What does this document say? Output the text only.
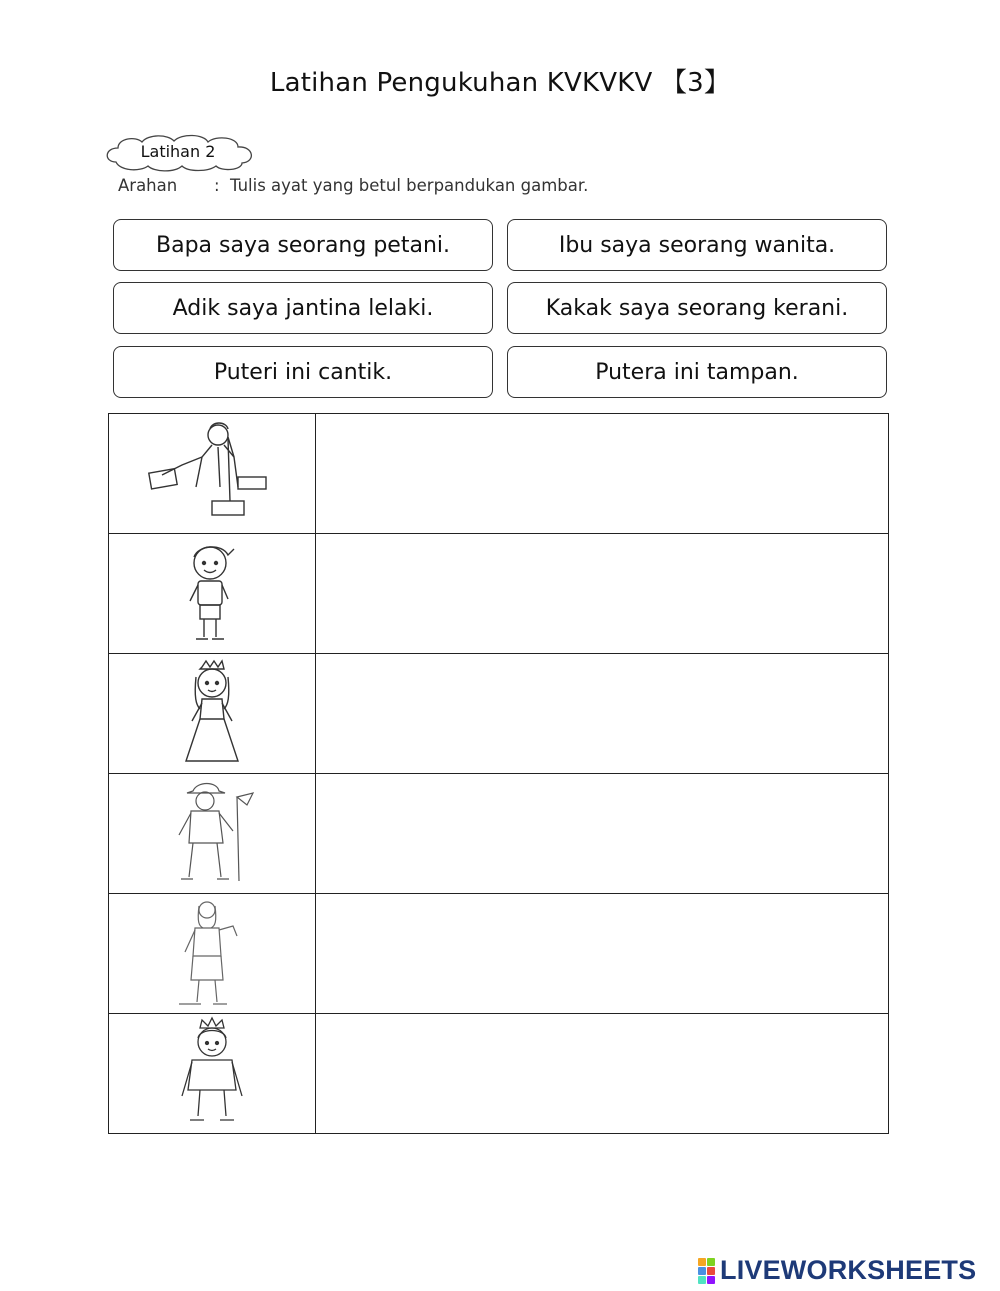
Latihan Pengukuhan KVKVKV 【3】
Latihan 2
Arahan : Tulis ayat yang betul berpandukan gambar.
Bapa saya seorang petani.	Ibu saya seorang wanita.
Adik saya jantina lelaki.	Kakak saya seorang kerani.
Puteri ini cantik.	Putera ini tampan.

LIVEWORKSHEETS
